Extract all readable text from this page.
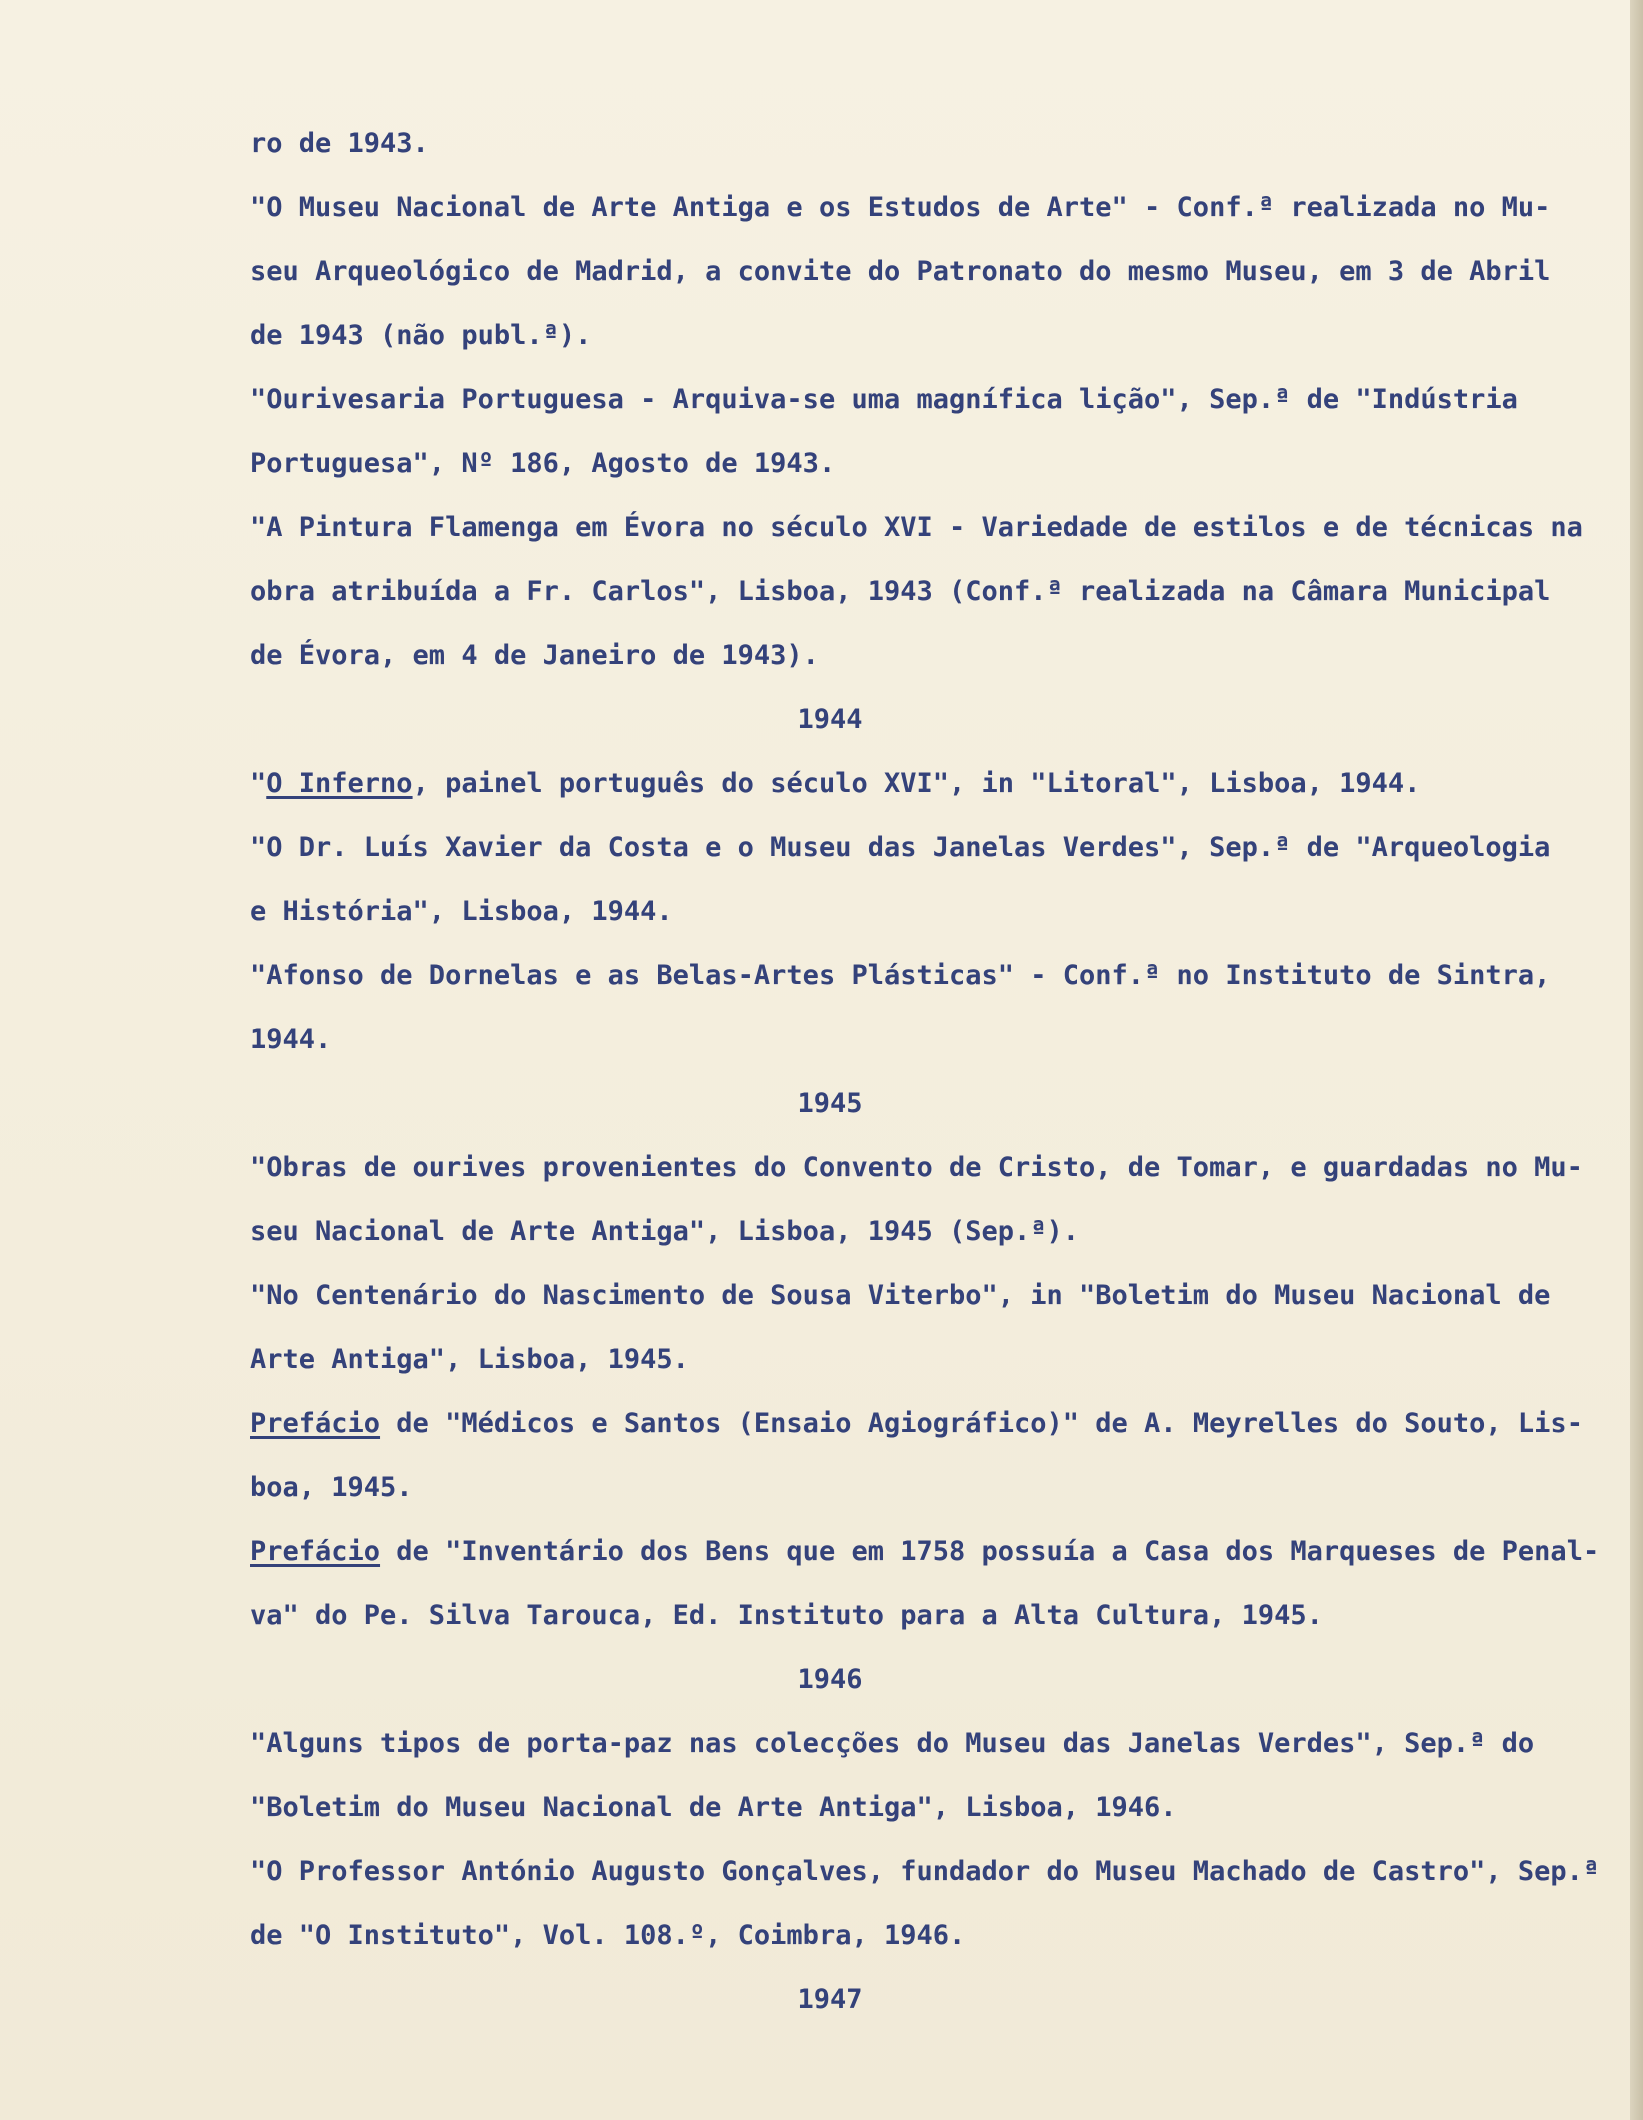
ro de 1943.
"O Museu Nacional de Arte Antiga e os Estudos de Arte" - Conf.ª realizada no Mu-
seu Arqueológico de Madrid, a convite do Patronato do mesmo Museu, em 3 de Abril
de 1943 (não publ.ª).
"Ourivesaria Portuguesa - Arquiva-se uma magnífica lição", Sep.ª de "Indústria
Portuguesa", Nº 186, Agosto de 1943.
"A Pintura Flamenga em Évora no século XVI - Variedade de estilos e de técnicas na
obra atribuída a Fr. Carlos", Lisboa, 1943 (Conf.ª realizada na Câmara Municipal
de Évora, em 4 de Janeiro de 1943).
1944
"O Inferno, painel português do século XVI", in "Litoral", Lisboa, 1944.
"O Dr. Luís Xavier da Costa e o Museu das Janelas Verdes", Sep.ª de "Arqueologia
e História", Lisboa, 1944.
"Afonso de Dornelas e as Belas-Artes Plásticas" - Conf.ª no Instituto de Sintra,
1944.
1945
"Obras de ourives provenientes do Convento de Cristo, de Tomar, e guardadas no Mu-
seu Nacional de Arte Antiga", Lisboa, 1945 (Sep.ª).
"No Centenário do Nascimento de Sousa Viterbo", in "Boletim do Museu Nacional de
Arte Antiga", Lisboa, 1945.
Prefácio de "Médicos e Santos (Ensaio Agiográfico)" de A. Meyrelles do Souto, Lis-
boa, 1945.
Prefácio de "Inventário dos Bens que em 1758 possuía a Casa dos Marqueses de Penal-
va" do Pe. Silva Tarouca, Ed. Instituto para a Alta Cultura, 1945.
1946
"Alguns tipos de porta-paz nas colecções do Museu das Janelas Verdes", Sep.ª do
"Boletim do Museu Nacional de Arte Antiga", Lisboa, 1946.
"O Professor António Augusto Gonçalves, fundador do Museu Machado de Castro", Sep.ª
de "O Instituto", Vol. 108.º, Coimbra, 1946.
1947
